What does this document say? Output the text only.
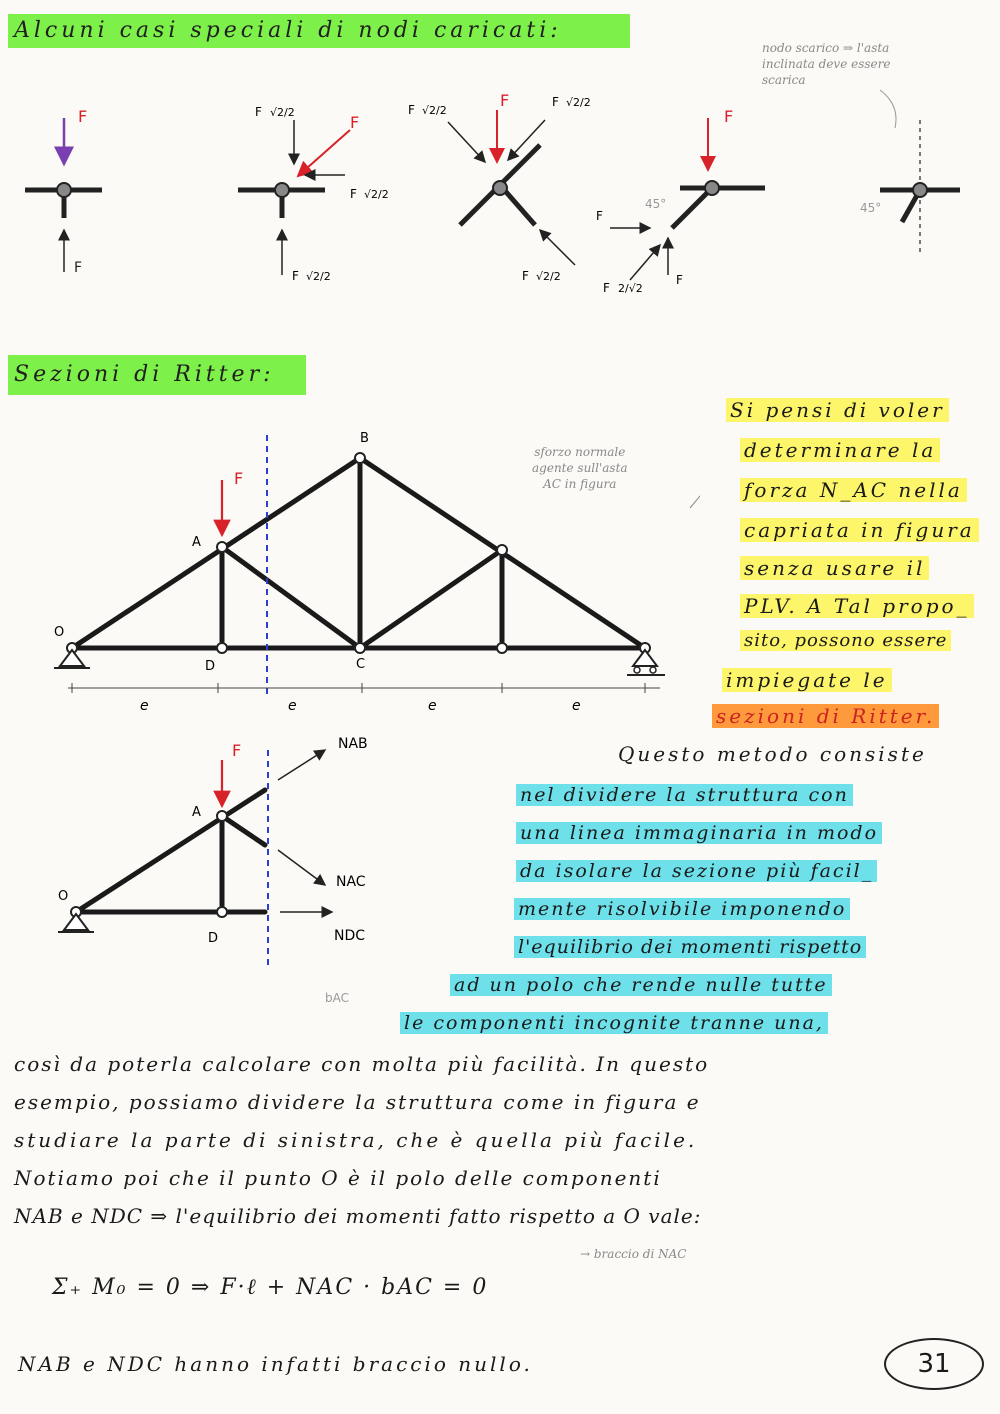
Alcuni casi speciali di nodi caricati:
F
F
F
F √2/2
F √2/2
F √2/2
F
F √2/2
F √2/2
F √2/2
F
F
F
F 2/√2
45°	45°
nodo scarico ⇒ l'asta
inclinata deve essere
scarica
Sezioni di Ritter:
F
A
B
O
D	C
e	e	e	e
sforzo normale
agente sull'asta
AC in figura
Si pensi di voler
determinare la
forza N_AC nella
capriata in figura
senza usare il
PLV. A Tal propo_
sito, possono essere
impiegate le
sezioni di Ritter.
F
A
O
D
NAB
NAC
NDC
bAC
Questo metodo consiste
nel dividere la struttura con
una linea immaginaria in modo
da isolare la sezione più facil_
mente risolvibile imponendo
l'equilibrio dei momenti rispetto
ad un polo che rende nulle tutte
le componenti incognite tranne una,
così da poterla calcolare con molta più facilità. In questo
esempio, possiamo dividere la struttura come in figura e
studiare la parte di sinistra, che è quella più facile.
Notiamo poi che il punto O è il polo delle componenti
NAB e NDC ⇒ l'equilibrio dei momenti fatto rispetto a O vale:
→ braccio di NAC
Σ₊ M₀ = 0 ⇒ F·ℓ + NAC · bAC = 0
NAB e NDC hanno infatti braccio nullo.	31
